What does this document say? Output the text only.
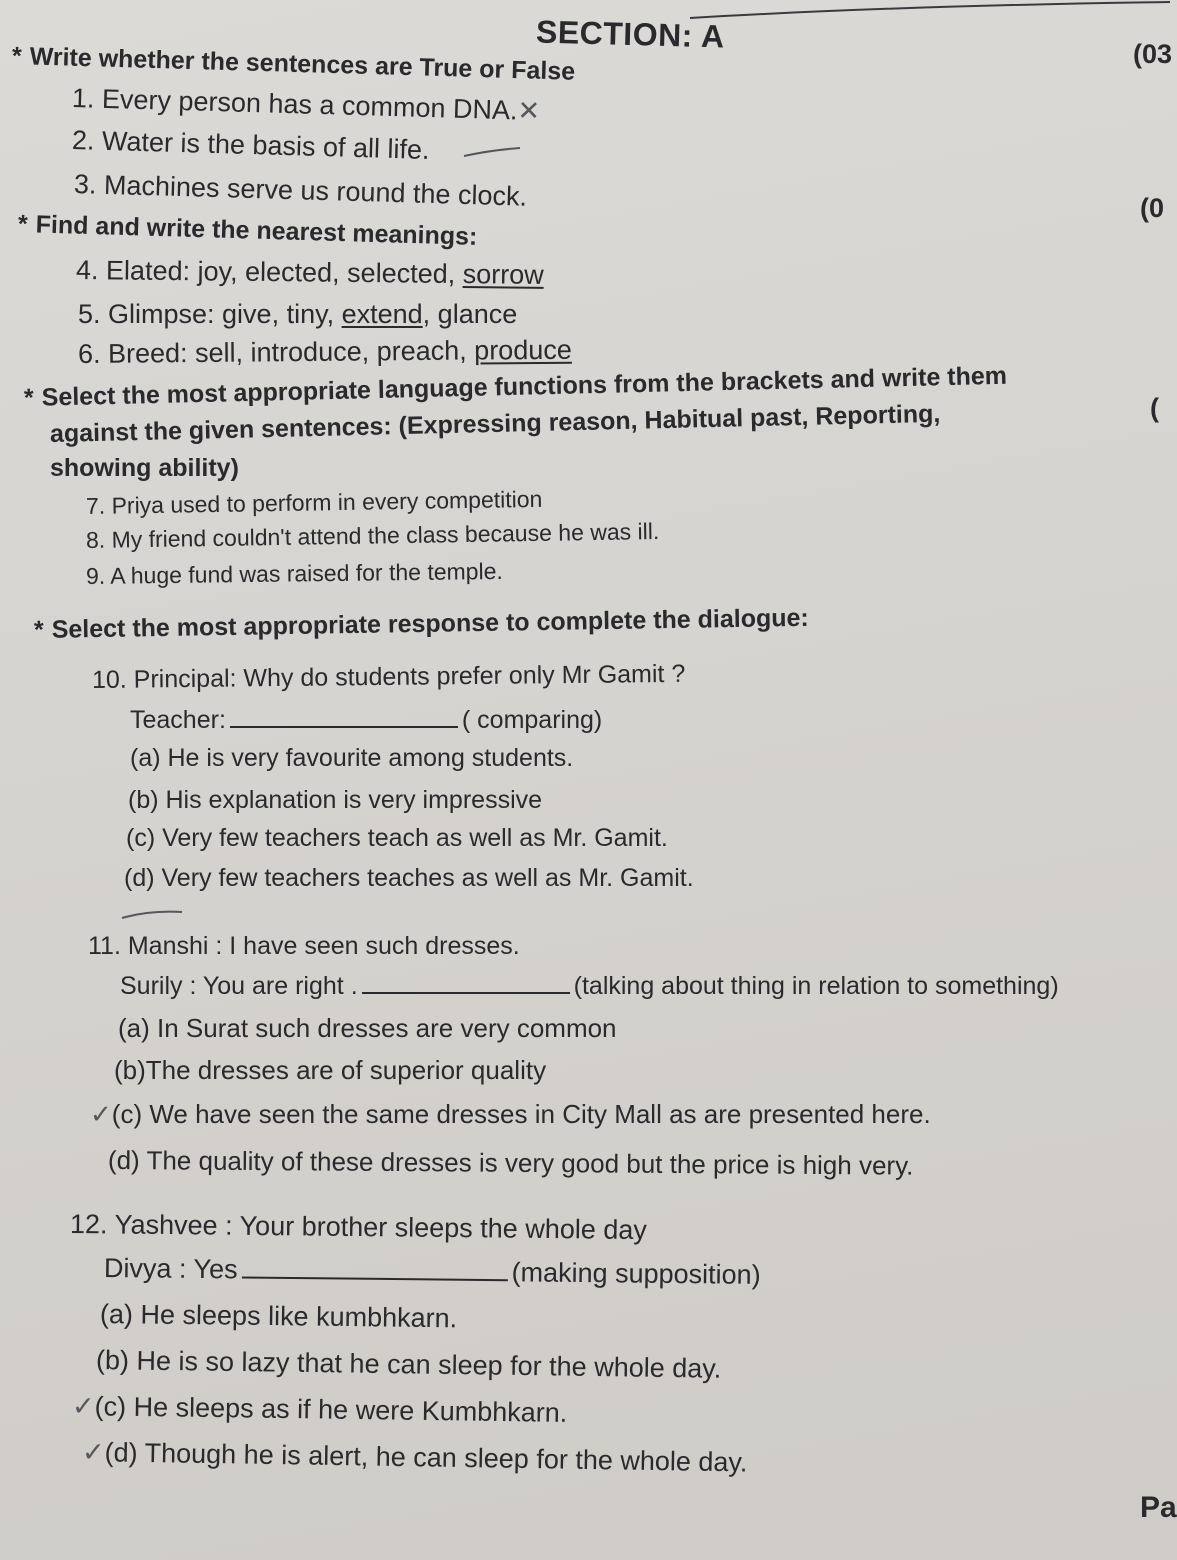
SECTION: A	(03
(0
(
Pa
* Write whether the sentences are True or False
1. Every person has a common DNA.✕
2. Water is the basis of all life.
3. Machines serve us round the clock.
* Find and write the nearest meanings:
4. Elated: joy, elected, selected, sorrow
5. Glimpse: give, tiny, extend, glance
6. Breed: sell, introduce, preach, produce
* Select the most appropriate language functions from the brackets and write them
against the given sentences: (Expressing reason, Habitual past, Reporting,
showing ability)
7. Priya used to perform in every competition
8. My friend couldn't attend the class because he was ill.
9. A huge fund was raised for the temple.
* Select the most appropriate response to complete the dialogue:
10. Principal: Why do students prefer only Mr Gamit ?
Teacher:	( comparing)
(a) He is very favourite among students.
(b) His explanation is very impressive
(c) Very few teachers teach as well as Mr. Gamit.
(d) Very few teachers teaches as well as Mr. Gamit.
11. Manshi : I have seen such dresses.
Surily : You are right .	(talking about thing in relation to something)
(a) In Surat such dresses are very common
(b)The dresses are of superior quality
✓(c) We have seen the same dresses in City Mall as are presented here.
(d) The quality of these dresses is very good but the price is high very.
12. Yashvee : Your brother sleeps the whole day
Divya : Yes	(making supposition)
(a) He sleeps like kumbhkarn.
(b) He is so lazy that he can sleep for the whole day.
✓(c) He sleeps as if he were Kumbhkarn.
✓(d) Though he is alert, he can sleep for the whole day.
